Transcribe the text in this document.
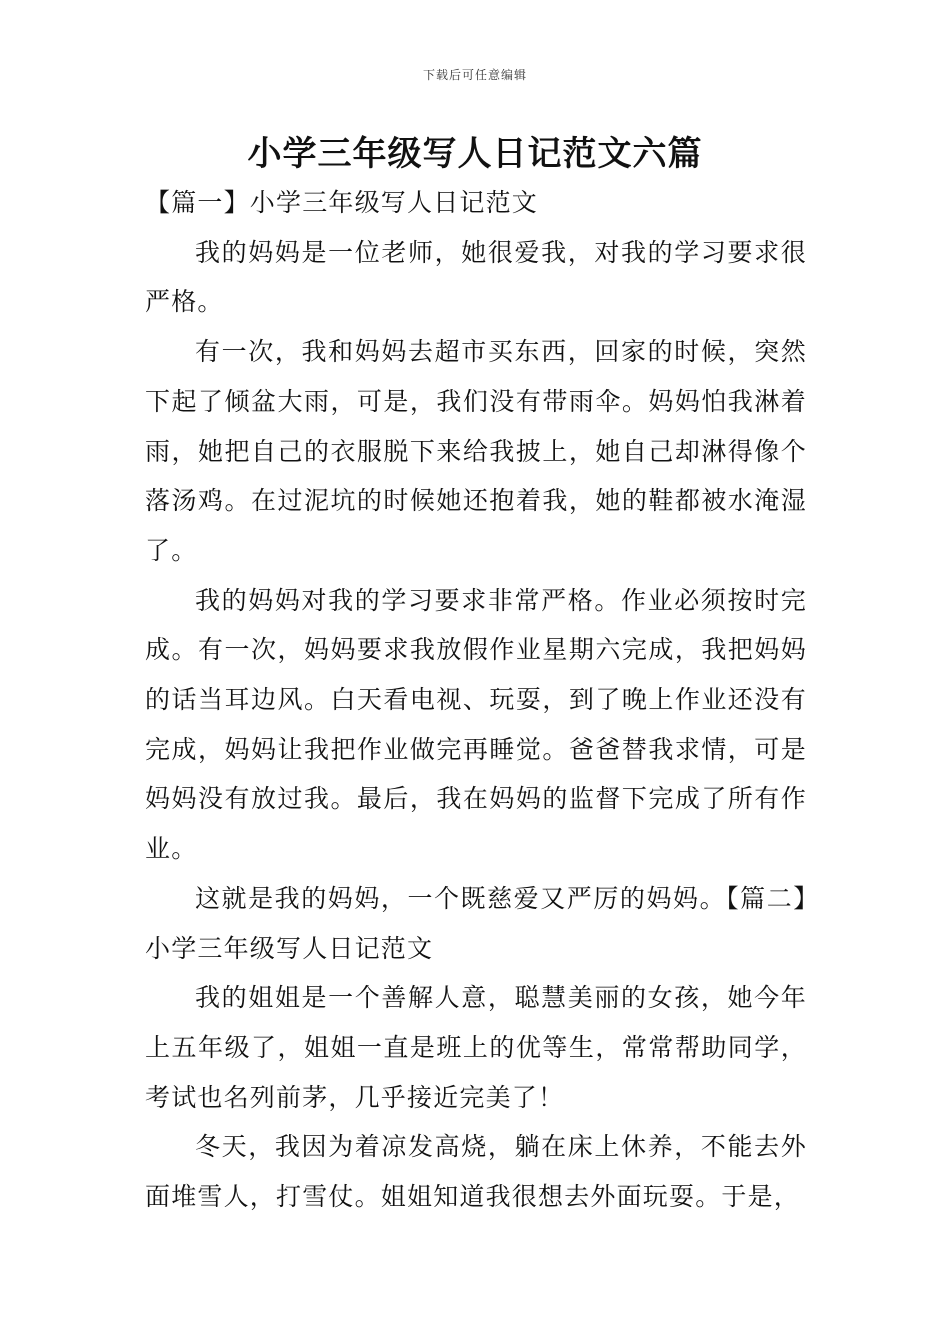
下载后可任意编辑
小学三年级写人日记范文六篇

【篇一】小学三年级写人日记范文

我的妈妈是一位老师，她很爱我，对我的学习要求很严格。

有一次，我和妈妈去超市买东西，回家的时候，突然下起了倾盆大雨，可是，我们没有带雨伞。妈妈怕我淋着雨，她把自己的衣服脱下来给我披上，她自己却淋得像个落汤鸡。在过泥坑的时候她还抱着我，她的鞋都被水淹湿了。

我的妈妈对我的学习要求非常严格。作业必须按时完成。有一次，妈妈要求我放假作业星期六完成，我把妈妈的话当耳边风。白天看电视、玩耍，到了晚上作业还没有完成，妈妈让我把作业做完再睡觉。爸爸替我求情，可是妈妈没有放过我。最后，我在妈妈的监督下完成了所有作业。

这就是我的妈妈，一个既慈爱又严厉的妈妈。【篇二】小学三年级写人日记范文

我的姐姐是一个善解人意，聪慧美丽的女孩，她今年上五年级了，姐姐一直是班上的优等生，常常帮助同学，考试也名列前茅，几乎接近完美了！

冬天，我因为着凉发高烧，躺在床上休养，不能去外面堆雪人，打雪仗。姐姐知道我很想去外面玩耍。于是，
